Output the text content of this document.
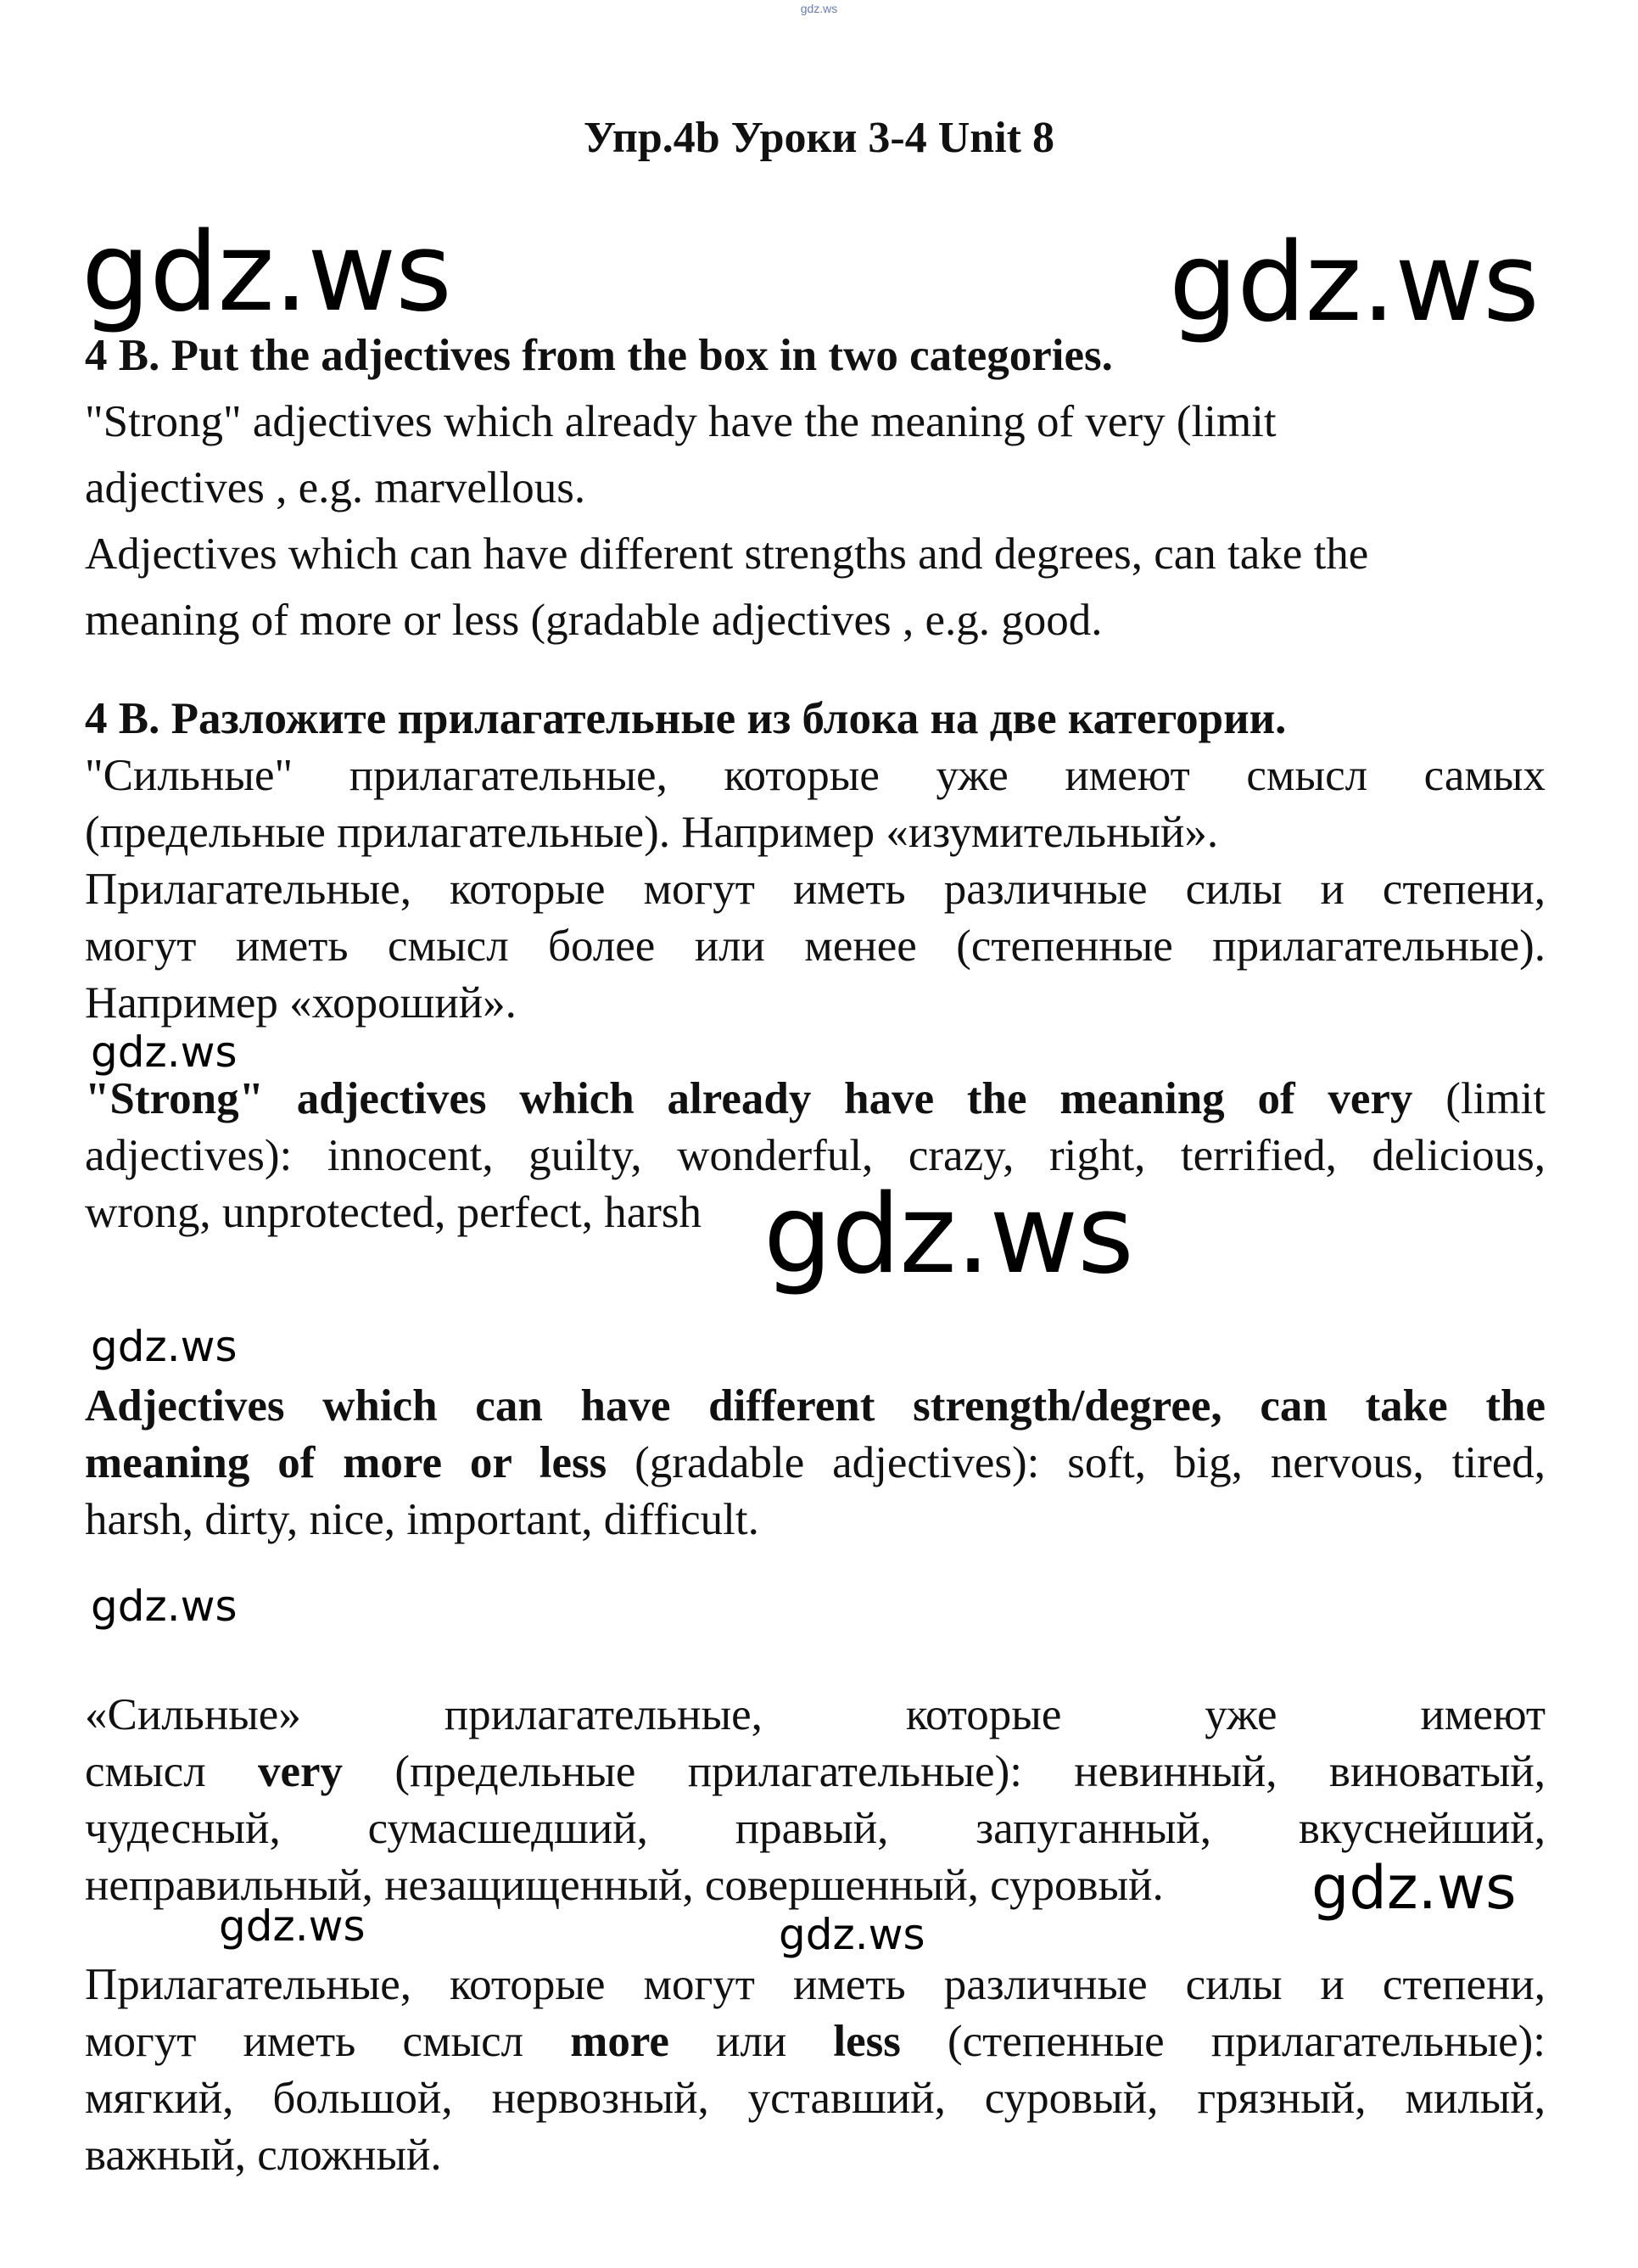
gdz.ws
Упр.4b Уроки 3-4 Unit 8
gdz.ws	gdz.ws

4 B. Put the adjectives from the box in two categories.

"Strong" adjectives which already have the meaning of very (limit

adjectives , e.g. marvellous.

Adjectives which can have different strengths and degrees, can take the

meaning of more or less (gradable adjectives , e.g. good.

4 В. Разложите прилагательные из блока на две категории.

"Сильные" прилагательные, которые уже имеют смысл самых

(предельные прилагательные). Например «изумительный».

Прилагательные, которые могут иметь различные силы и степени,

могут иметь смысл более или менее (степенные прилагательные).

Например «хороший».

gdz.ws

"Strong" adjectives which already have the meaning of very (limit

adjectives): innocent, guilty, wonderful, crazy, right, terrified, delicious,

wrong, unprotected, perfect, harsh gdz.ws
gdz.ws

Adjectives which can have different strength/degree, can take the

meaning of more or less (gradable adjectives): soft, big, nervous, tired,

harsh, dirty, nice, important, difficult.

gdz.ws

«Сильные» прилагательные, которые уже имеют

смысл very (предельные прилагательные): невинный, виноватый,

чудесный, сумасшедший, правый, запуганный, вкуснейший,

неправильный, незащищенный, совершенный, суровый.	gdz.ws
gdz.ws	gdz.ws

Прилагательные, которые могут иметь различные силы и степени,

могут иметь смысл more или less (степенные прилагательные):

мягкий, большой, нервозный, уставший, суровый, грязный, милый,

важный, сложный.
